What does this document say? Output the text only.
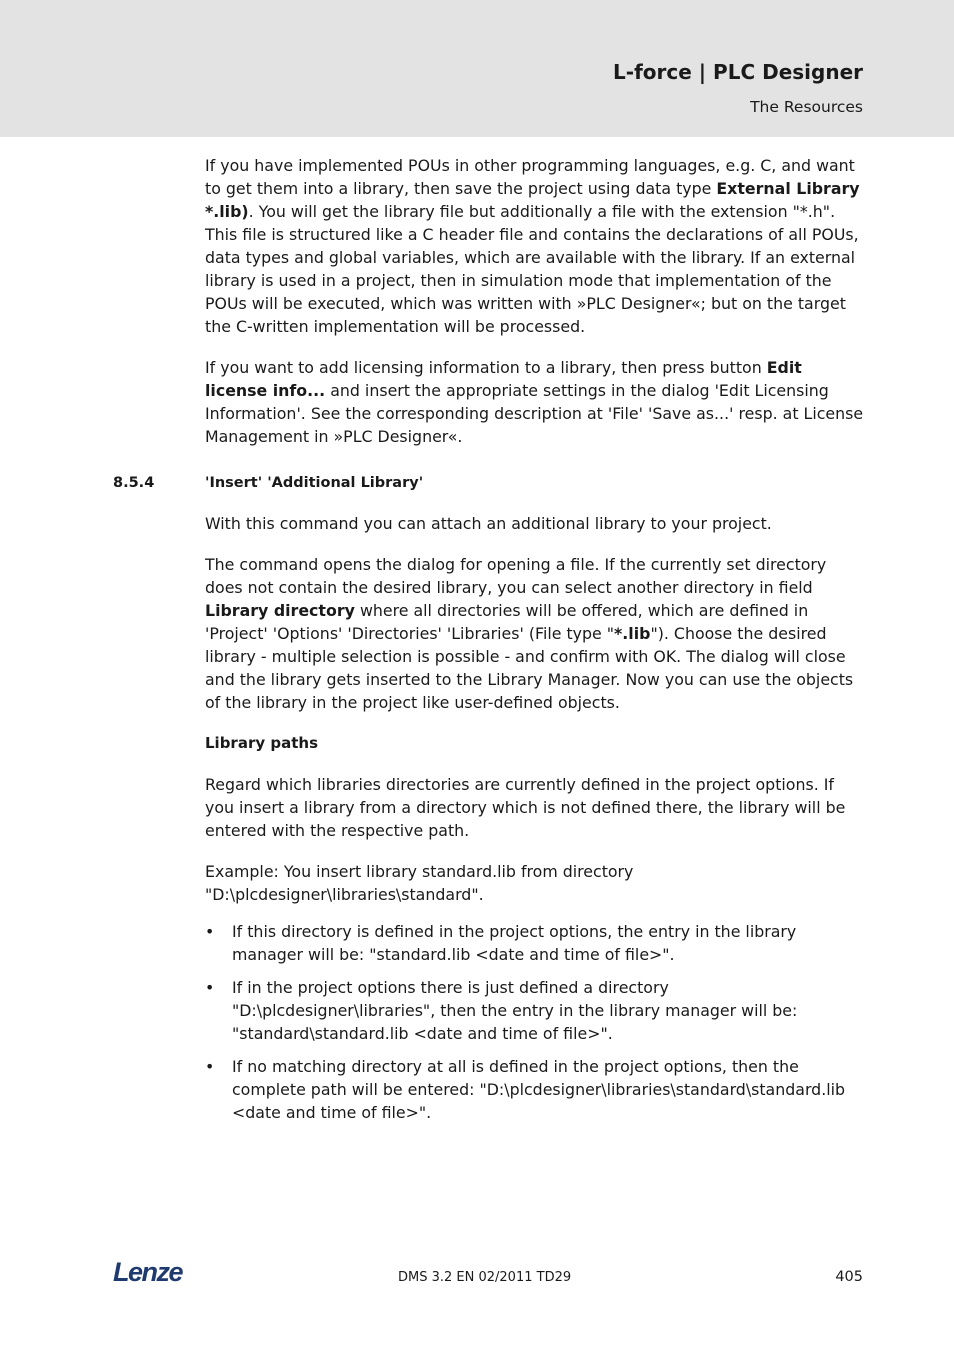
L-force | PLC Designer
The Resources

If you have implemented POUs in other programming languages, e.g. C, and want to get them into a library, then save the project using data type External Library *.lib). You will get the library file but additionally a file with the extension "*.h". This file is structured like a C header file and contains the declarations of all POUs, data types and global variables, which are available with the library. If an external library is used in a project, then in simulation mode that implementation of the POUs will be executed, which was written with »PLC Designer«; but on the target the C-written implementation will be processed.

If you want to add licensing information to a library, then press button Edit license info... and insert the appropriate settings in the dialog 'Edit Licensing Information'. See the corresponding description at 'File' 'Save as...' resp. at License Management in »PLC Designer«.

8.5.4	'Insert' 'Additional Library'

With this command you can attach an additional library to your project.

The command opens the dialog for opening a file. If the currently set directory does not contain the desired library, you can select another directory in field Library directory where all directories will be offered, which are defined in 'Project' 'Options' 'Directories' 'Libraries' (File type "*.lib"). Choose the desired library - multiple selection is possible - and confirm with OK. The dialog will close and the library gets inserted to the Library Manager. Now you can use the objects of the library in the project like user-defined objects.

Library paths

Regard which libraries directories are currently defined in the project options. If you insert a library from a directory which is not defined there, the library will be entered with the respective path.

Example: You insert library standard.lib from directory "D:\plcdesigner\libraries\standard".

• If this directory is defined in the project options, the entry in the library manager will be: "standard.lib <date and time of file>".
• If in the project options there is just defined a directory "D:\plcdesigner\libraries", then the entry in the library manager will be: "standard\standard.lib <date and time of file>".
• If no matching directory at all is defined in the project options, then the complete path will be entered: "D:\plcdesigner\libraries\standard\standard.lib <date and time of file>".
Lenze	DMS 3.2 EN 02/2011 TD29	405
